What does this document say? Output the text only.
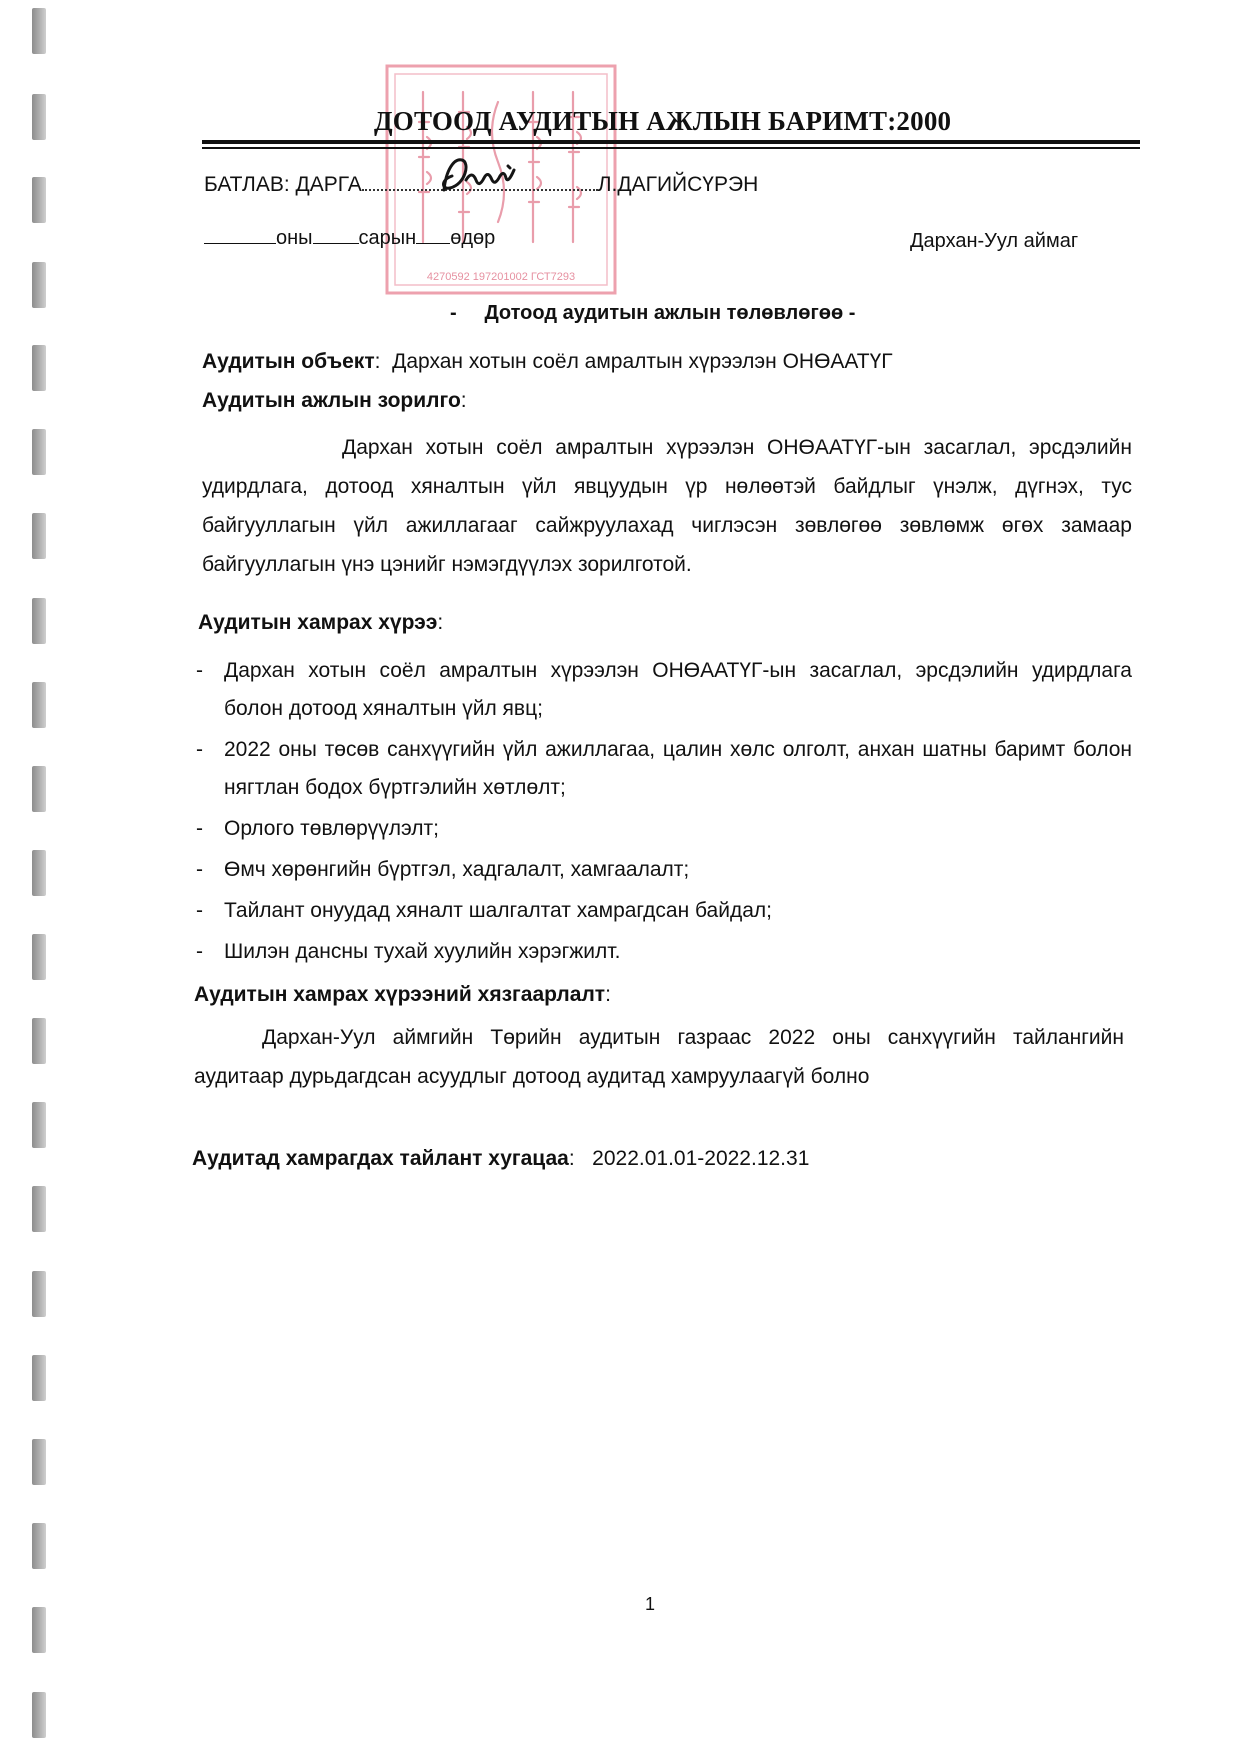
4270592 197201002 ГСТ7293
ДОТООД АУДИТЫН АЖЛЫН БАРИМТ:2000
БАТЛАВ: ДАРГА	Л.ДАГИЙСҮРЭН
оны сарын өдөр	Дархан-Уул аймаг
-     Дотоод аудитын ажлын төлөвлөгөө -
Аудитын объект:  Дархан хотын соёл амралтын хүрээлэн ОНӨААТҮГ
Аудитын ажлын зорилго:
Дархан хотын соёл амралтын хүрээлэн ОНӨААТҮГ-ын засаглал, эрсдэлийн удирдлага, дотоод хяналтын үйл явцуудын үр нөлөөтэй байдлыг үнэлж, дүгнэх, тус байгууллагын үйл ажиллагааг сайжруулахад чиглэсэн зөвлөгөө зөвлөмж өгөх замаар байгууллагын үнэ цэнийг нэмэгдүүлэх зорилготой.
Аудитын хамрах хүрээ:
- Дархан хотын соёл амралтын хүрээлэн ОНӨААТҮГ-ын засаглал, эрсдэлийн удирдлага болон дотоод хяналтын үйл явц;
- 2022 оны төсөв санхүүгийн үйл ажиллагаа, цалин хөлс олголт, анхан шатны баримт болон нягтлан бодох бүртгэлийн хөтлөлт;
- Орлого төвлөрүүлэлт;
- Өмч хөрөнгийн бүртгэл, хадгалалт, хамгаалалт;
- Тайлант онуудад хяналт шалгалтат хамрагдсан байдал;
- Шилэн дансны тухай хуулийн хэрэгжилт.
Аудитын хамрах хүрээний хязгаарлалт:
Дархан-Уул аймгийн Төрийн аудитын газраас 2022 оны санхүүгийн тайлангийн аудитаар дурьдагдсан асуудлыг дотоод аудитад хамруулаагүй болно
Аудитад хамрагдах тайлант хугацаа:   2022.01.01-2022.12.31
1
